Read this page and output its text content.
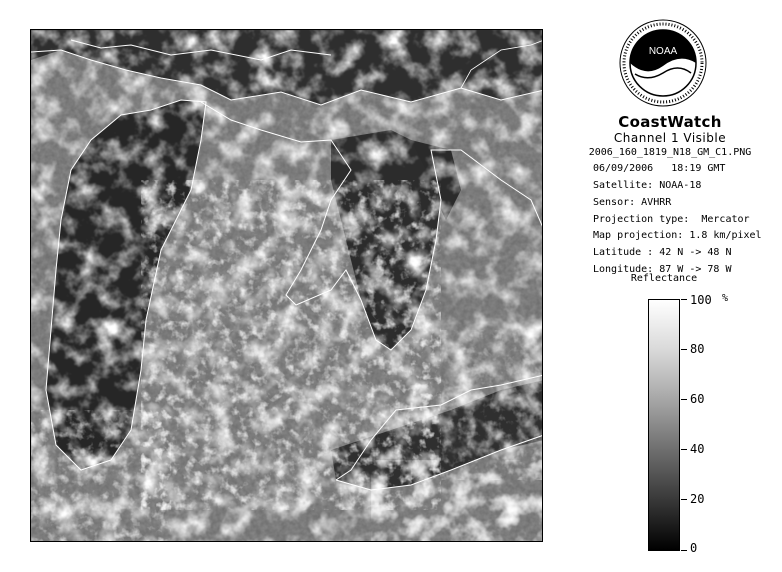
NOAA
CoastWatch
Channel 1 Visible
2006_160_1819_N18_GM_C1.PNG
06/09/2006   18:19 GMT
Satellite: NOAA-18
Sensor: AVHRR
Projection type:  Mercator
Map projection: 1.8 km/pixel
Latitude : 42 N -> 48 N
Longitude: 87 W -> 78 W
Reflectance
%
100
80
60
40
20
0
